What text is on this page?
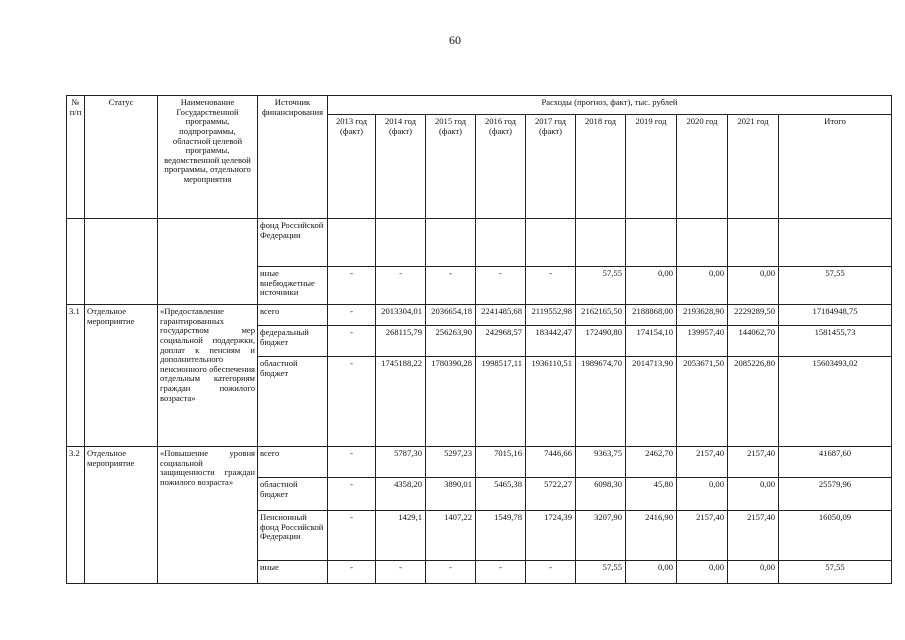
60
№ п/п	Статус	Наименование Государственной программы, подпрограммы, областной целевой программы, ведомственной целевой программы, отдельного мероприятия	Источник финансирования	Расходы (прогноз, факт), тыс. рублей									
				2013 год (факт)	2014 год (факт)	2015 год (факт)	2016 год (факт)	2017 год (факт)	2018 год	2019 год	2020 год	2021 год	Итого
			фонд Российской Федерации										
			иные внебюджетные источники	-	-	-	-	-	57,55	0,00	0,00	0,00	57,55
3.1	Отдельное мероприятие	«Предоставление гарантированных государством мер социальной поддержки, доплат к пенсиям и дополнительного пенсионного обеспечения отдельным категориям граждан пожилого возраста»	всего	-	2013304,01	2036654,18	2241485,68	2119552,98	2162165,50	2188868,00	2193628,90	2229289,50	17184948,75
			федеральный бюджет	-	268115,79	256263,90	242968,57	183442,47	172490,80	174154,10	139957,40	144062,70	1581455,73
			областной бюджет	-	1745188,22	1780390,28	1998517,11	1936110,51	1989674,70	2014713,90	2053671,50	2085226,80	15603493,02
3.2	Отдельное мероприятие	«Повышение уровня социальной защищенности граждан пожилого возраста»	всего	-	5787,30	5297,23	7015,16	7446,66	9363,75	2462,70	2157,40	2157,40	41687,60
			областной бюджет	-	4358,20	3890,01	5465,38	5722,27	6098,30	45,80	0,00	0,00	25579,96
			Пенсионный фонд Российской Федерации	-	1429,1	1407,22	1549,78	1724,39	3207,90	2416,90	2157,40	2157,40	16050,09
			иные	-	-	-	-	-	57,55	0,00	0,00	0,00	57,55
